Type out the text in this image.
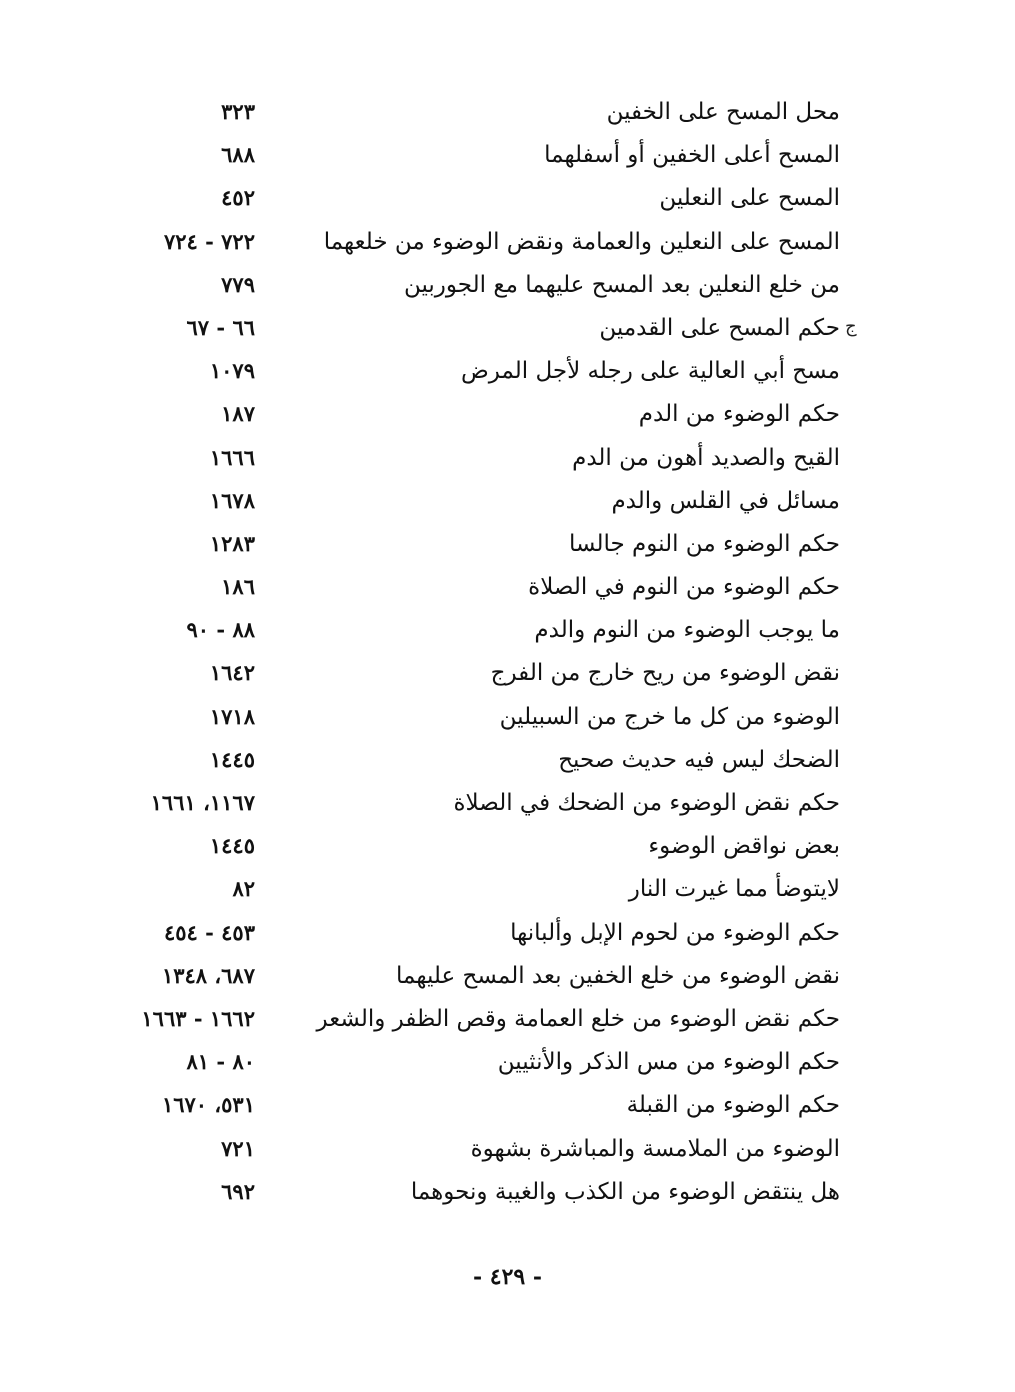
محل المسح على الخفين
٣٢٣
المسح أعلى الخفين أو أسفلهما
٦٨٨
المسح على النعلين
٤٥٢
المسح على النعلين والعمامة ونقض الوضوء من خلعهما
٧٢٢ - ٧٢٤
من خلع النعلين بعد المسح عليهما مع الجوربين
٧٧٩
حكم المسح على القدمين
٦٦ - ٦٧
مسح أبي العالية على رجله لأجل المرض
١٠٧٩
حكم الوضوء من الدم
١٨٧
القيح والصديد أهون من الدم
١٦٦٦
مسائل في القلس والدم
١٦٧٨
حكم الوضوء من النوم جالسا
١٢٨٣
حكم الوضوء من النوم في الصلاة
١٨٦
ما يوجب الوضوء من النوم والدم
٨٨ - ٩٠
نقض الوضوء من ريح خارج من الفرج
١٦٤٢
الوضوء من كل ما خرج من السبيلين
١٧١٨
الضحك ليس فيه حديث صحيح
١٤٤٥
حكم نقض الوضوء من الضحك في الصلاة
١١٦٧، ١٦٦١
بعض نواقض الوضوء
١٤٤٥
لايتوضأ مما غيرت النار
٨٢
حكم الوضوء من لحوم الإبل وألبانها
٤٥٣ - ٤٥٤
نقض الوضوء من خلع الخفين بعد المسح عليهما
٦٨٧، ١٣٤٨
حكم نقض الوضوء من خلع العمامة وقص الظفر والشعر
١٦٦٢ - ١٦٦٣
حكم الوضوء من مس الذكر والأنثيين
٨٠ - ٨١
حكم الوضوء من القبلة
٥٣١، ١٦٧٠
الوضوء من الملامسة والمباشرة بشهوة
٧٢١
هل ينتقض الوضوء من الكذب والغيبة ونحوهما
٦٩٢
ج
- ٤٢٩ -
